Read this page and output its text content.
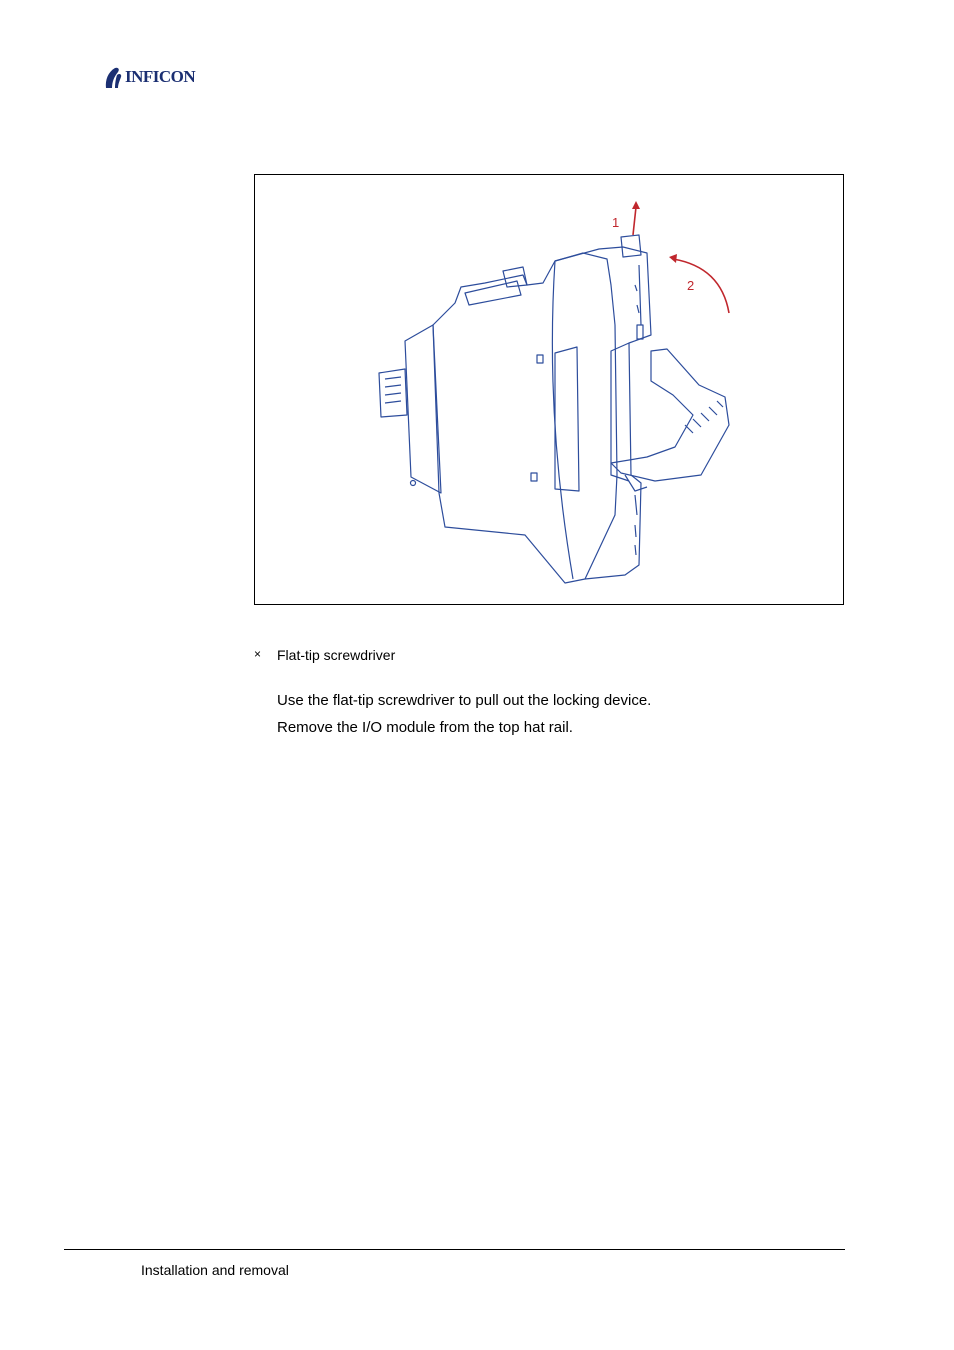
INFICON
1
2
× Flat-tip screwdriver
Use the flat-tip screwdriver to pull out the locking device.
Remove the I/O module from the top hat rail.
Installation and removal
